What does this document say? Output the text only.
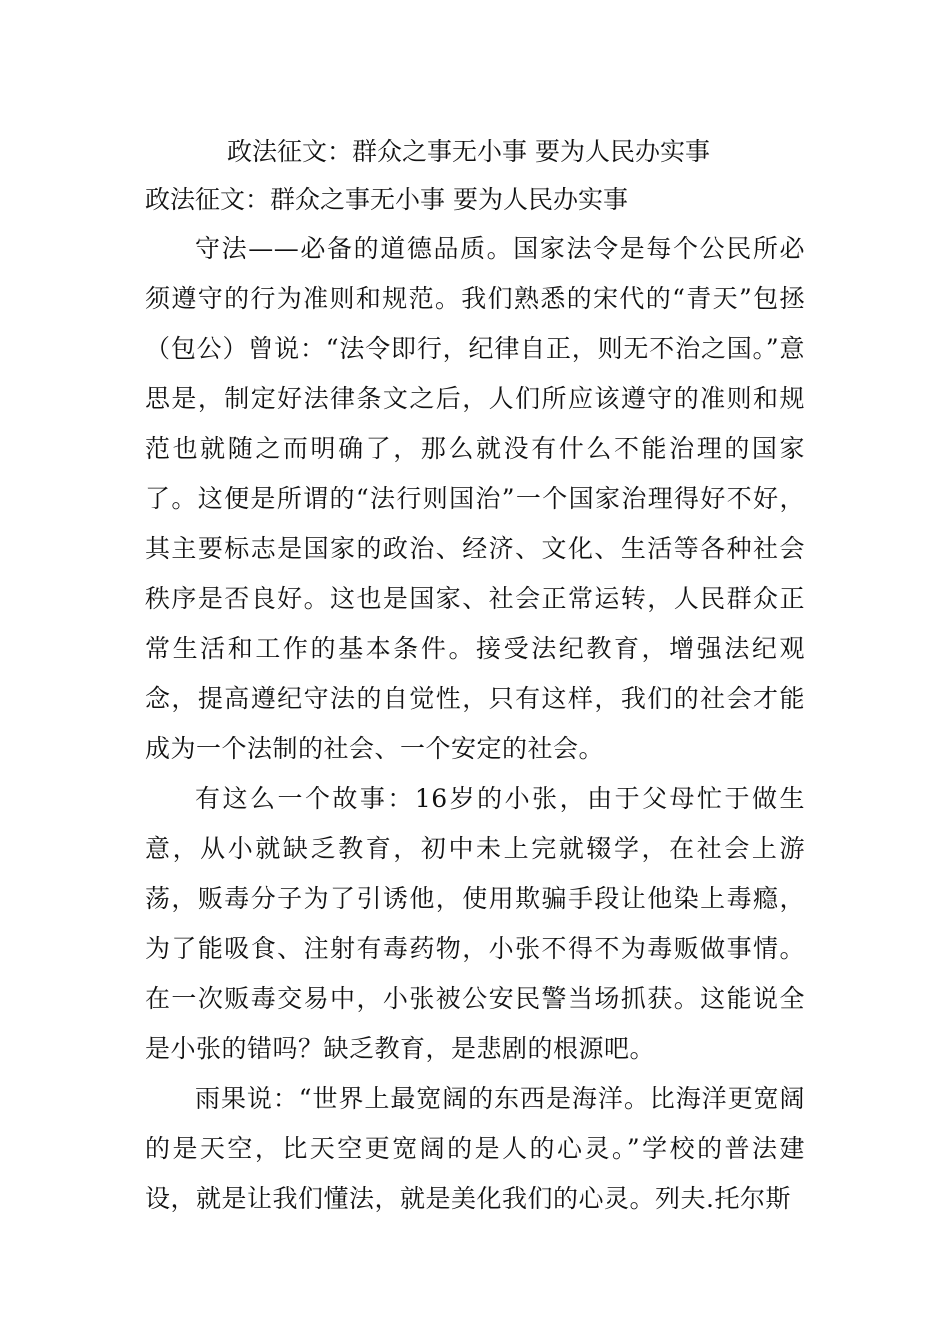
政法征文：群众之事无小事 要为人民办实事

政法征文：群众之事无小事 要为人民办实事

守法——必备的道德品质。国家法令是每个公民所必须遵守的行为准则和规范。我们熟悉的宋代的“青天”包拯（包公）曾说：“法令即行，纪律自正，则无不治之国。”意思是，制定好法律条文之后，人们所应该遵守的准则和规范也就随之而明确了，那么就没有什么不能治理的国家了。这便是所谓的“法行则国治”一个国家治理得好不好，其主要标志是国家的政治、经济、文化、生活等各种社会秩序是否良好。这也是国家、社会正常运转，人民群众正常生活和工作的基本条件。接受法纪教育，增强法纪观念，提高遵纪守法的自觉性，只有这样，我们的社会才能成为一个法制的社会、一个安定的社会。

有这么一个故事：16岁的小张，由于父母忙于做生意，从小就缺乏教育，初中未上完就辍学，在社会上游荡，贩毒分子为了引诱他，使用欺骗手段让他染上毒瘾，为了能吸食、注射有毒药物，小张不得不为毒贩做事情。在一次贩毒交易中，小张被公安民警当场抓获。这能说全是小张的错吗？缺乏教育，是悲剧的根源吧。

雨果说：“世界上最宽阔的东西是海洋。比海洋更宽阔的是天空，比天空更宽阔的是人的心灵。”学校的普法建设，就是让我们懂法，就是美化我们的心灵。列夫.托尔斯
